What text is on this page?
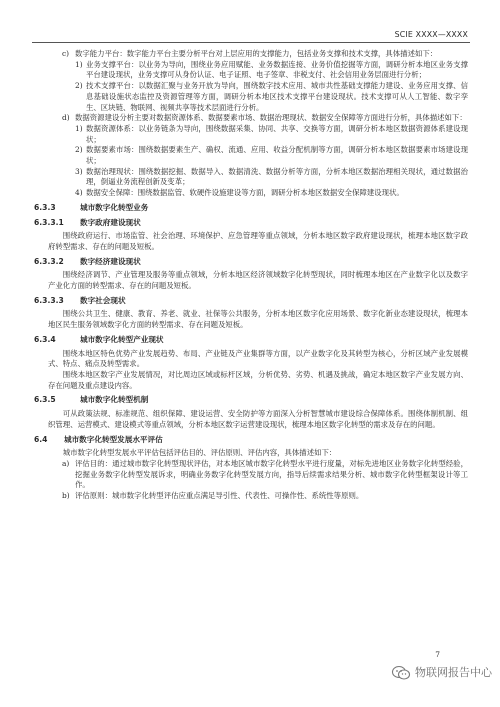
SCIE XXXX—XXXX

c) 数字能力平台：数字能力平台主要分析平台对上层应用的支撑能力，包括业务支撑和技术支撑，具体描述如下：

1) 业务支撑平台：以业务为导向，围绕业务应用赋能、业务数据连接、业务价值挖掘等方面，调研分析本地区业务支撑平台建设现状，业务支撑可从身份认证、电子证照、电子签章、非税支付、社会信用业务层面进行分析；

2) 技术支撑平台：以数据汇聚与业务开放为导向，围绕数字技术应用、城市共性基础支撑能力建设、业务应用支撑、信息基础设施状态监控及资源管理等方面，调研分析本地区技术支撑平台建设现状。技术支撑可从人工智能、数字孪生、区块链、物联网、视频共享等技术层面进行分析。

d) 数据资源建设分析主要对数据资源体系、数据要素市场、数据治理现状、数据安全保障等方面进行分析，具体描述如下：

1) 数据资源体系：以业务链条为导向，围绕数据采集、协同、共享、交换等方面，调研分析本地区数据资源体系建设现状；

2) 数据要素市场：围绕数据要素生产、确权、流通、应用、收益分配机制等方面，调研分析本地区数据要素市场建设现状；

3) 数据治理现状：围绕数据挖掘、数据导入、数据清洗、数据分析等方面，分析本地区数据治理相关现状，通过数据治理，倒逼业务流程创新及变革；

4) 数据安全保障：围绕数据监管、软硬件设施建设等方面，调研分析本地区数据安全保障建设现状。

6.3.3	城市数字化转型业务
6.3.3.1 数字政府建设现状

围绕政府运行、市场监管、社会治理、环境保护、应急管理等重点领域，分析本地区数字政府建设现状，梳理本地区数字政府转型需求、存在的问题及短板。

6.3.3.2 数字经济建设现状

围绕经济调节、产业管理及服务等重点领域，分析本地区经济领域数字化转型现状，同时梳理本地区在产业数字化以及数字产业化方面的转型需求、存在的问题及短板。

6.3.3.3 数字社会现状

围绕公共卫生、健康、教育、养老、就业、社保等公共服务，分析本地区数字化应用场景、数字化新业态建设现状，梳理本地区民生服务领域数字化方面的转型需求、存在问题及短板。

6.3.4	城市数字化转型产业现状

围绕本地区特色优势产业发展趋势、布局、产业链及产业集群等方面，以产业数字化及其转型为核心，分析区域产业发展模式、特点、痛点及转型需求。

围绕本地区数字产业发展情况，对比周边区域或标杆区域，分析优势、劣势、机遇及挑战，确定本地区数字产业发展方向、存在问题及重点建设内容。

6.3.5	城市数字化转型机制

可从政策法规、标准规范、组织保障、建设运营、安全防护等方面深入分析智慧城市建设综合保障体系。围绕体制机制、组织管理、运营模式、建设模式等重点领域，分析本地区数字运营建设现状，梳理本地区数字化转型的需求及存在的问题。

6.4 城市数字化转型发展水平评估

城市数字化转型发展水平评估包括评估目的、评估原则、评估内容，具体描述如下：

a) 评估目的：通过城市数字化转型现状评估，对本地区城市数字化转型水平进行度量，对标先进地区业务数字化转型经验，挖掘业务数字化转型发展诉求，明确业务数字化转型发展方向，指导后续需求结果分析、城市数字化转型框架设计等工作。

b) 评估原则：城市数字化转型评估应重点满足导引性、代表性、可操作性、系统性等原则。

7
物联网报告中心
